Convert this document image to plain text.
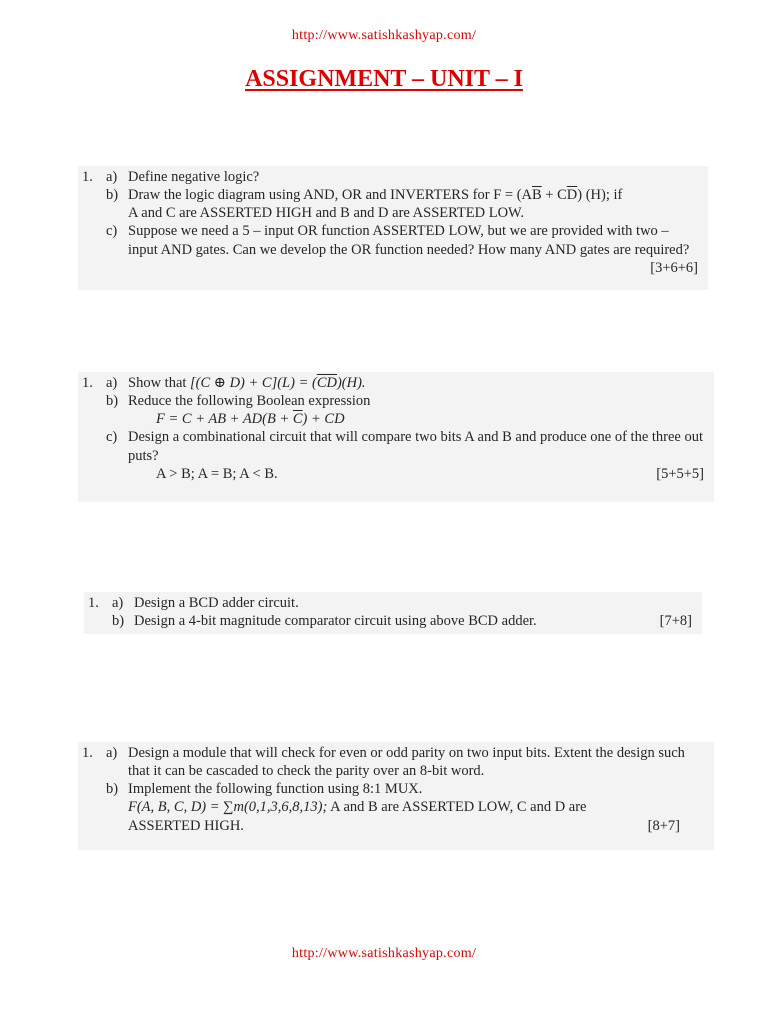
http://www.satishkashyap.com/
ASSIGNMENT – UNIT – I
1. a) Define negative logic?
b) Draw the logic diagram using AND, OR and INVERTERS for $F = (A\overline{B} + C\overline{D})$ (H); if
A and C are ASSERTED HIGH and B and D are ASSERTED LOW.
c) Suppose we need a 5 – input OR function ASSERTED LOW, but we are provided with two – input AND gates. Can we develop the OR function needed? How many AND gates are required?
[3+6+6]
1. a) Show that [(C ⊕ $D) + C](L) = (\overline{CD})(H)$.
b) Reduce the following Boolean expression
F = C + AB + $AD(B + \overline{C})$ + CD
c) Design a combinational circuit that will compare two bits A and B and produce one of the three out puts?
A > B; A = B; A < B.	[5+5+5]
1. a) Design a BCD adder circuit.
b) Design a 4-bit magnitude comparator circuit using above BCD adder.	[7+8]
1. a) Design a module that will check for even or odd parity on two input bits. Extent the design such that it can be cascaded to check the parity over an 8-bit word.
b) Implement the following function using 8:1 MUX.
F(A, B, C, D) = ∑m(0,1,3,6,8,13); A and B are ASSERTED LOW, C and D are
ASSERTED HIGH.	[8+7]
http://www.satishkashyap.com/
